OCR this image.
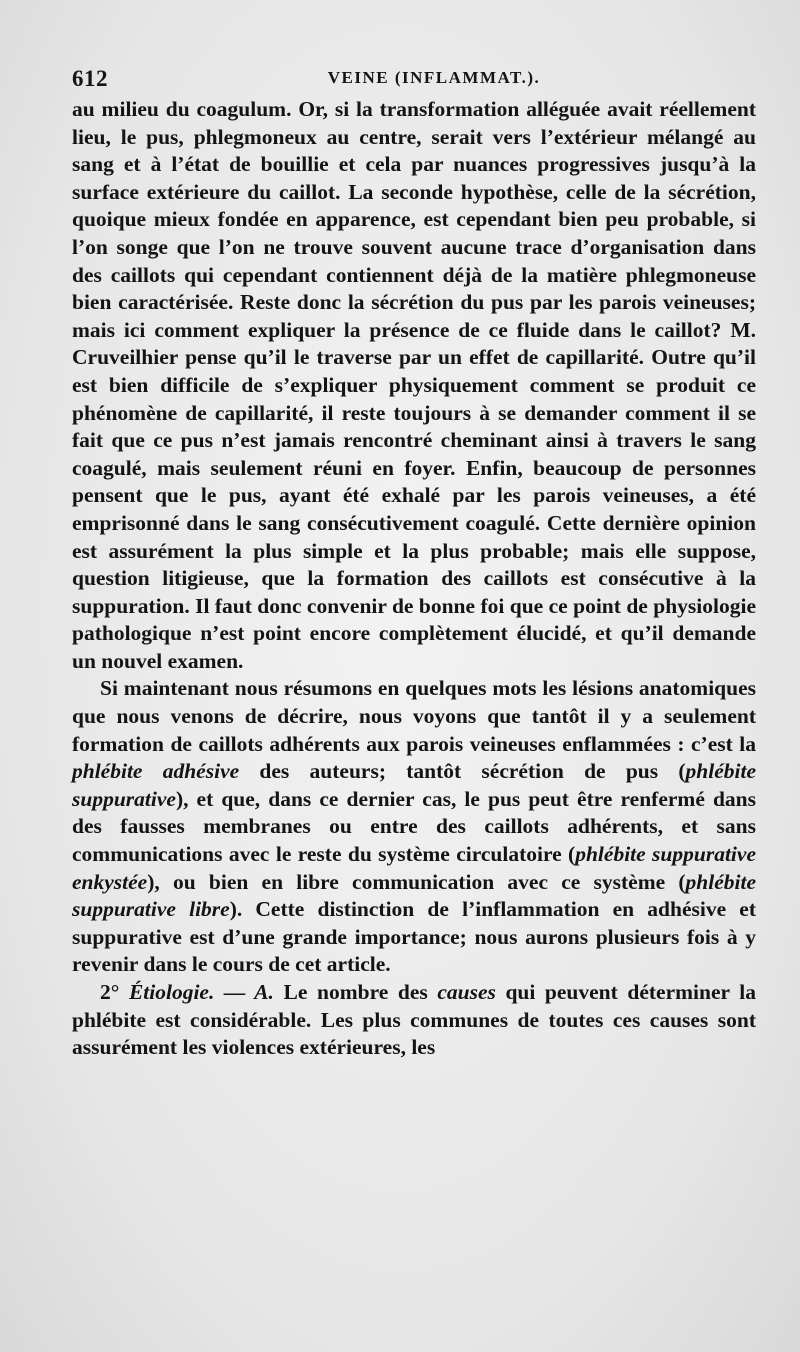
612	VEINE (INFLAMMAT.).

au milieu du coagulum. Or, si la transformation alléguée avait réellement lieu, le pus, phlegmoneux au centre, serait vers l’extérieur mélangé au sang et à l’état de bouillie et cela par nuances progressives jusqu’à la surface extérieure du caillot. La seconde hypothèse, celle de la sécrétion, quoique mieux fondée en apparence, est cependant bien peu probable, si l’on songe que l’on ne trouve souvent aucune trace d’organisation dans des caillots qui cependant contiennent déjà de la matière phlegmoneuse bien caractérisée. Reste donc la sécrétion du pus par les parois veineuses; mais ici comment expliquer la présence de ce fluide dans le caillot? M. Cruveilhier pense qu’il le traverse par un effet de capillarité. Outre qu’il est bien difficile de s’expliquer physiquement comment se produit ce phénomène de capillarité, il reste toujours à se demander comment il se fait que ce pus n’est jamais rencontré cheminant ainsi à travers le sang coagulé, mais seulement réuni en foyer. Enfin, beaucoup de personnes pensent que le pus, ayant été exhalé par les parois veineuses, a été emprisonné dans le sang consécutivement coagulé. Cette dernière opinion est assurément la plus simple et la plus probable; mais elle suppose, question litigieuse, que la formation des caillots est consécutive à la suppuration. Il faut donc convenir de bonne foi que ce point de physiologie pathologique n’est point encore complètement élucidé, et qu’il demande un nouvel examen.

Si maintenant nous résumons en quelques mots les lésions anatomiques que nous venons de décrire, nous voyons que tantôt il y a seulement formation de caillots adhérents aux parois veineuses enflammées : c’est la phlébite adhésive des auteurs; tantôt sécrétion de pus (phlébite suppurative), et que, dans ce dernier cas, le pus peut être renfermé dans des fausses membranes ou entre des caillots adhérents, et sans communications avec le reste du système circulatoire (phlébite suppurative enkystée), ou bien en libre communication avec ce système (phlébite suppurative libre). Cette distinction de l’inflammation en adhésive et suppurative est d’une grande importance; nous aurons plusieurs fois à y revenir dans le cours de cet article.

2° Étiologie. — A. Le nombre des causes qui peuvent déterminer la phlébite est considérable. Les plus communes de toutes ces causes sont assurément les violences extérieures, les
